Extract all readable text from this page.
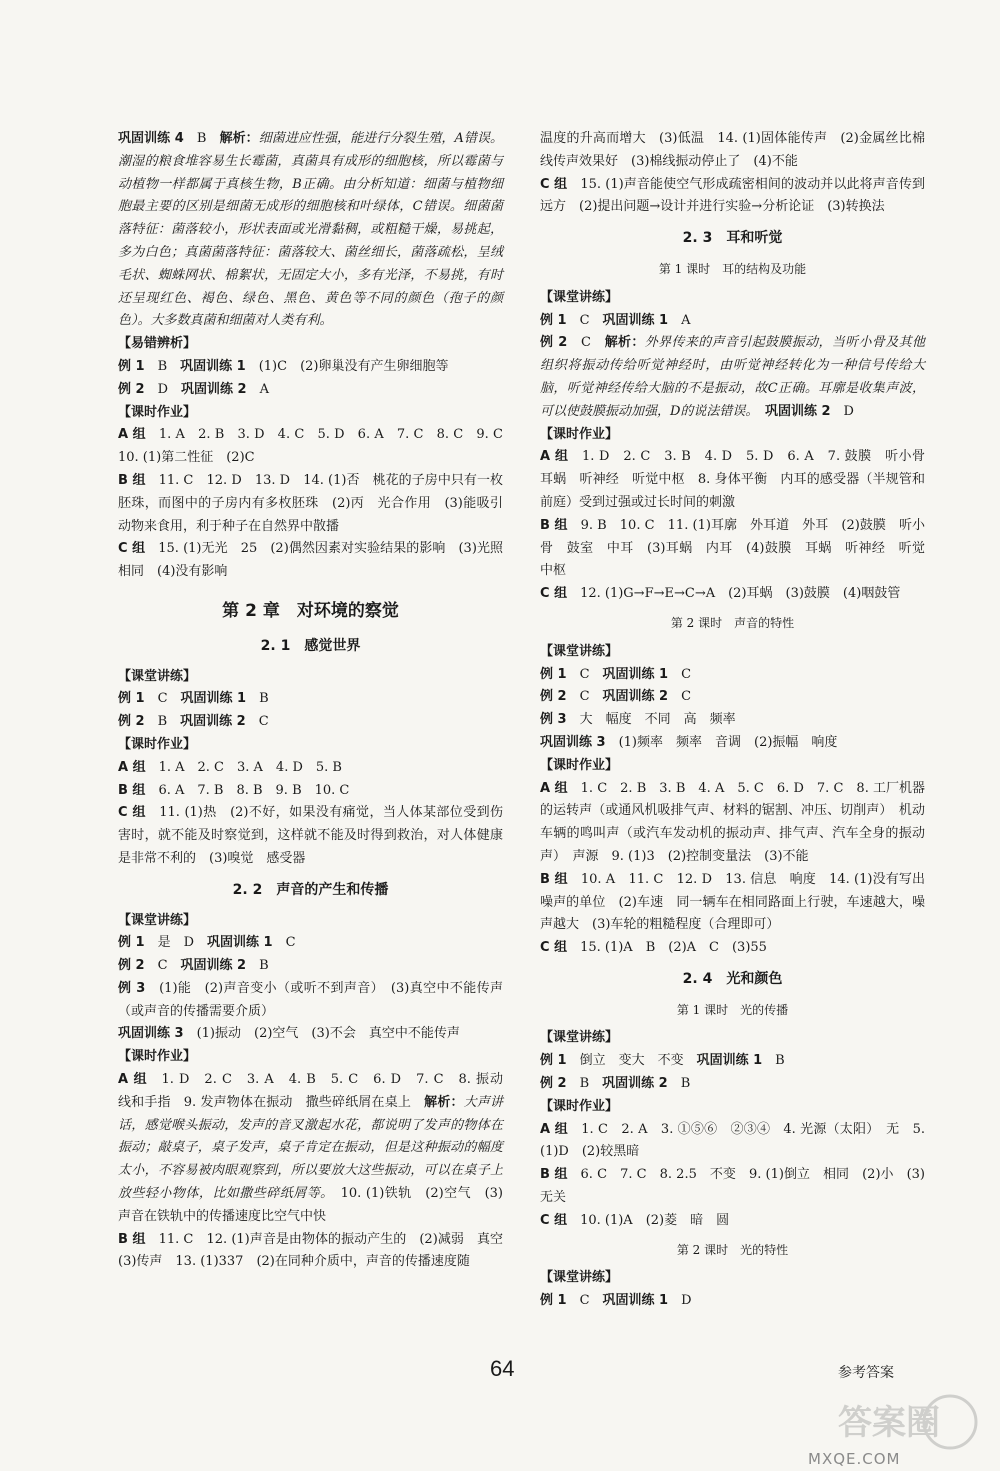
巩固训练 4　B　解析：细菌进应性强，能进行分裂生殖，A错误。潮湿的粮食堆容易生长霉菌，真菌具有成形的细胞核，所以霉菌与动植物一样都属于真核生物，B正确。由分析知道：细菌与植物细胞最主要的区别是细菌无成形的细胞核和叶绿体，C错误。细菌菌落特征：菌落较小，形状表面或光滑黏稠，或粗糙干燥，易挑起，多为白色；真菌菌落特征：菌落较大、菌丝细长，菌落疏松，呈绒毛状、蜘蛛网状、棉絮状，无固定大小，多有光泽，不易挑，有时还呈现红色、褐色、绿色、黑色、黄色等不同的颜色（孢子的颜色）。大多数真菌和细菌对人类有利。

【易错辨析】

例 1　B　巩固训练 1　(1)C　(2)卵巢没有产生卵细胞等

例 2　D　巩固训练 2　A

【课时作业】

A 组　1. A　2. B　3. D　4. C　5. D　6. A　7. C　8. C　9. C　10. (1)第二性征　(2)C

B 组　11. C　12. D　13. D　14. (1)否　桃花的子房中只有一枚胚珠，而图中的子房内有多枚胚珠　(2)丙　光合作用　(3)能吸引动物来食用，利于种子在自然界中散播

C 组　15. (1)无光　25　(2)偶然因素对实验结果的影响　(3)光照　相同　(4)没有影响

第 2 章　对环境的察觉
2. 1　感觉世界
【课堂讲练】

例 1　C　巩固训练 1　B

例 2　B　巩固训练 2　C

【课时作业】

A 组　1. A　2. C　3. A　4. D　5. B

B 组　6. A　7. B　8. B　9. B　10. C

C 组　11. (1)热　(2)不好，如果没有痛觉，当人体某部位受到伤害时，就不能及时察觉到，这样就不能及时得到救治，对人体健康是非常不利的　(3)嗅觉　感受器

2. 2　声音的产生和传播
【课堂讲练】

例 1　是　D　巩固训练 1　C

例 2　C　巩固训练 2　B

例 3　(1)能　(2)声音变小（或听不到声音）　(3)真空中不能传声（或声音的传播需要介质）

巩固训练 3　(1)振动　(2)空气　(3)不会　真空中不能传声

【课时作业】

A 组　1. D　2. C　3. A　4. B　5. C　6. D　7. C　8. 振动　线和手指　9. 发声物体在振动　撒些碎纸屑在桌上　解析：大声讲话，感觉喉头振动，发声的音叉激起水花，都说明了发声的物体在振动；敲桌子，桌子发声，桌子肯定在振动，但是这种振动的幅度太小，不容易被肉眼观察到，所以要放大这些振动，可以在桌子上放些轻小物体，比如撒些碎纸屑等。　10. (1)铁轨　(2)空气　(3)声音在铁轨中的传播速度比空气中快

B 组　11. C　12. (1)声音是由物体的振动产生的　(2)减弱　真空　(3)传声　13. (1)337　(2)在同种介质中，声音的传播速度随

温度的升高而增大　(3)低温　14. (1)固体能传声　(2)金属丝比棉线传声效果好　(3)棉线振动停止了　(4)不能

C 组　15. (1)声音能使空气形成疏密相间的波动并以此将声音传到远方　(2)提出问题→设计并进行实验→分析论证　(3)转换法

2. 3　耳和听觉
第 1 课时　耳的结构及功能
【课堂讲练】

例 1　C　巩固训练 1　A

例 2　C　解析：外界传来的声音引起鼓膜振动，当听小骨及其他组织将振动传给听觉神经时，由听觉神经转化为一种信号传给大脑，听觉神经传给大脑的不是振动，故C正确。耳廓是收集声波，可以使鼓膜振动加强，D的说法错误。　 巩固训练 2　D

【课时作业】

A 组　1. D　2. C　3. B　4. D　5. D　6. A　7. 鼓膜　听小骨　耳蜗　听神经　听觉中枢　8. 身体平衡　内耳的感受器（半规管和前庭）受到过强或过长时间的刺激

B 组　9. B　10. C　11. (1)耳廓　外耳道　外耳　(2)鼓膜　听小骨　鼓室　中耳　(3)耳蜗　内耳　(4)鼓膜　耳蜗　听神经　听觉中枢

C 组　12. (1)G→F→E→C→A　(2)耳蜗　(3)鼓膜　(4)咽鼓管

第 2 课时　声音的特性
【课堂讲练】

例 1　C　巩固训练 1　C

例 2　C　巩固训练 2　C

例 3　大　幅度　不同　高　频率

巩固训练 3　(1)频率　频率　音调　(2)振幅　响度

【课时作业】

A 组　1. C　2. B　3. B　4. A　5. C　6. D　7. C　8. 工厂机器的运转声（或通风机吸排气声、材料的锯割、冲压、切削声）　机动车辆的鸣叫声（或汽车发动机的振动声、排气声、汽车全身的振动声）　声源　9. (1)3　(2)控制变量法　(3)不能

B 组　10. A　11. C　12. D　13. 信息　响度　14. (1)没有写出噪声的单位　(2)车速　同一辆车在相同路面上行驶，车速越大，噪声越大　(3)车轮的粗糙程度（合理即可）

C 组　15. (1)A　B　(2)A　C　(3)55

2. 4　光和颜色
第 1 课时　光的传播
【课堂讲练】

例 1　倒立　变大　不变　巩固训练 1　B

例 2　B　巩固训练 2　B

【课时作业】

A 组　1. C　2. A　3. ①⑤⑥　②③④　4. 光源（太阳）　无　5. (1)D　(2)较黑暗

B 组　6. C　7. C　8. 2.5　不变　9. (1)倒立　相同　(2)小　(3)无关

C 组　10. (1)A　(2)菱　暗　圆

第 2 课时　光的特性
【课堂讲练】

例 1　C　巩固训练 1　D

64	参考答案
答案圈
MXQE.COM
